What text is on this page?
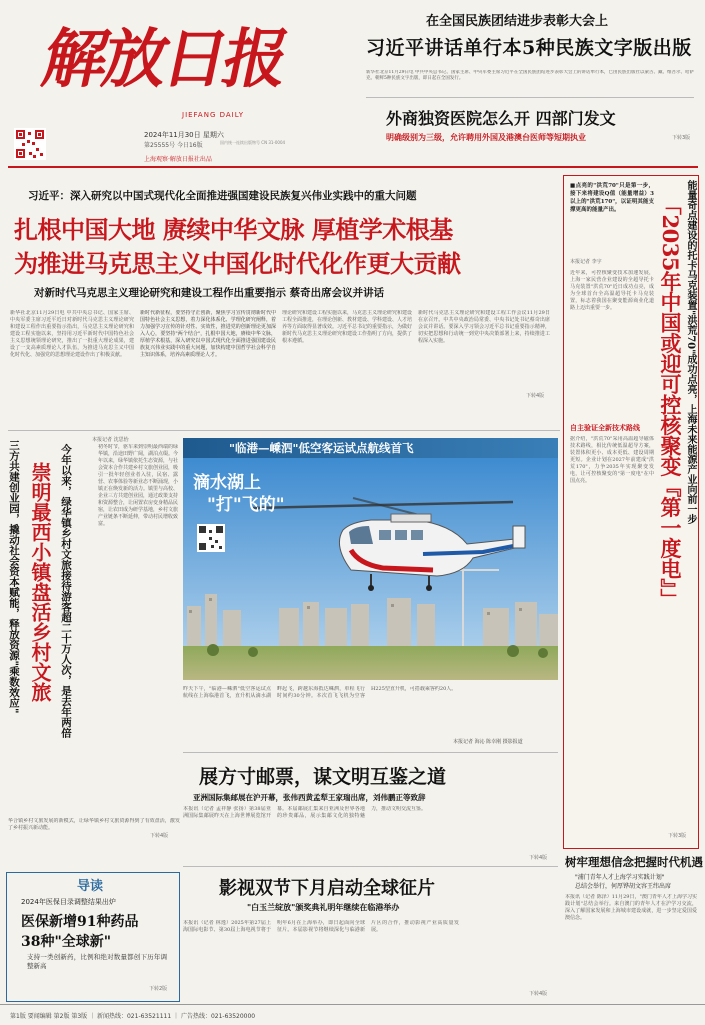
解放日报
JIEFANG DAILY
2024年11月30日 星期六
第25555号 今日16版
上海观察·解放日报社出品
国内统一连续出版物号 CN 31-0004
在全国民族团结进步表彰大会上
习近平讲话单行本5种民族文字版出版
新华社北京11月29日电 中共中央总书记、国家主席、中央军委主席习近平在全国民族团结进步表彰大会上的讲话单行本，已由民族出版社以蒙古、藏、维吾尔、哈萨克、朝鲜5种民族文字出版，即日起在全国发行。
外商独资医院怎么开 四部门发文
明确级别为三级，允许聘用外国及港澳台医师等短期执业	下转3版
习近平：深入研究以中国式现代化全面推进强国建设民族复兴伟业实践中的重大问题
扎根中国大地 赓续中华文脉 厚植学术根基
为推进马克思主义中国化时代化作更大贡献
对新时代马克思主义理论研究和建设工程作出重要指示 蔡奇出席会议并讲话
新华社北京11月29日电 中共中央总书记、国家主席、中央军委主席习近平近日对新时代马克思主义理论研究和建设工程作出重要指示指出，马克思主义理论研究和建设工程实施以来，坚持用习近平新时代中国特色社会主义思想统领理论研究，推出了一批重大理论成果，建设了一支高素质理论人才队伍，为推进马克思主义中国化时代化、加强党的思想理论建设作出了积极贡献。
新时代新征程，要坚持守正创新，聚焦学习宣传贯彻新时代中国特色社会主义思想，着力深化体系化、学理化研究阐释，着力加强学习宣传的针对性、实效性，推进党的创新理论更加深入人心，要坚持"两个结合"，扎根中国大地，赓续中华文脉，厚植学术根基，深入研究以中国式现代化全面推进强国建设民族复兴伟业实践中的重大问题，加快构建中国哲学社会科学自主知识体系，培养高素质理论人才。
理论研究和建设工程实施以来，马克思主义理论研究和建设工程全面推进，在理论创新、教材建设、学科建设、人才培养等方面取得显著成效。习近平总书记的重要指示，为做好新时代马克思主义理论研究和建设工作指明了方向，提供了根本遵循。
新时代马克思主义理论研究和建设工程工作会议11月29日在京召开。中共中央政治局常委、中央书记处书记蔡奇出席会议并讲话。要深入学习领会习近平总书记重要指示精神，切实把思想和行动统一到党中央决策部署上来，持续推进工程深入实施。
下转4版
本报记者 沈思怡
三方共建创业园，撬动社会资本赋能，释放资源"乘数效应" 崇明最西小镇盘活乡村文旅 今年以来，绿华镇乡村文旅接待游客超二十万人次，是去年两倍	初冬时节，驱车来到崇明最西端的绿华镇，沿途田野广阔，湖泊点缀。今年以来，绿华镇依托生态资源，与社会资本合作共建乡村文旅创业园，吸引一批年轻创业者入驻，民宿、露营、农事体验等新业态不断涌现，小镇正在焕发新的活力。镇里与高校、企业三方共建创业园，通过政策支持和资源整合，让闲置农房变身精品民宿，让农田成为研学基地，乡村文旅产业链条不断延伸，带动村民增收致富。
华合镇乡村文旅发展的新模式，让绿华镇乡村文旅资源得到了有效盘活，激发了乡村振兴新动能。
下转4版
"临港—嵊泗"低空客运试点航线首飞
滴水湖上
"打"飞的"
昨天下午，"临港—嵊泗"低空客运试点航线在上海临港首飞，直升机从滴水湖畔起飞，跨越东海抵达嵊泗，单程飞行时间约30分钟。本次首飞飞机为空客H225型直升机，可搭载乘客约20人。
本报记者 海沁 陈幸刚 摄影报道
展方寸邮票，谋文明互鉴之道
亚洲国际集邮展在沪开幕，张伟西黄孟犁王家瑞出席，刘伟鹏正等致辞
本报讯（记者 孟祥静 张扬）第38届亚洲国际集邮展昨天在上海世博展览馆开幕。本届邮展汇集来自亚洲及世界各地的珍贵邮品，展示集邮文化的独特魅力，推动文明交流互鉴。
下转4版
能量奇点建设的托卡马克装置"洪荒70"成功点亮，上海未来能源产业向前一步
「2035年中国或迎可控核聚变『第一度电』」
■点亮的"洪荒70"只是第一步，接下来将建设Q值（能量增益）3以上的"洪荒170"，以证明其能支撑更高的能量产出。
本报记者 李宇
近年来，可控核聚变技术加速发展，上海一家民营企业建设的全超导托卡马克装置"洪荒70"近日成功点亮，成为全球首台全高温超导托卡马克装置，标志着我国在聚变能源商业化道路上迈出重要一步。
自主验证全新技术路线
据介绍，"洪荒70"采用高温超导磁体技术路线，相比传统低温超导方案，装置体积更小、成本更低、建设周期更短。企业计划在2027年前建成"洪荒170"，力争2035年实现聚变发电，让可控核聚变的"第一度电"在中国点亮。
下转3版
导读
2024年医保目录调整结果出炉
医保新增91种药品
38种"全球新"
支持一类创新药，比例和绝对数量都创下历年调整新高
下转2版
影视双节下月启动全球征片
"白玉兰绽放"颁奖典礼明年继续在临港举办
本报讯（记者 林逸）2025年第27届上海国际电影节、第30届上海电视节将于明年6月在上海举办，即日起面向全球征片。本届影视节将继续深化与临港新片区的合作，推动影视产业高质量发展。
下转4版
树牢理想信念把握时代机遇
"浦门青年人才上海学习实践计划"
总结会举行，何厚铧胡文容王纬出席
本报讯（记者 陈泽）11月29日，"澳门青年人才上海学习实践计划"总结会举行。来自澳门的青年人才在沪学习交流，深入了解国家发展和上海城市建设成就，进一步坚定爱国爱澳信念。
第1版 要闻编辑 第2版 第3版 ｜ 新闻热线：021-63521111 ｜ 广告热线：021-63520000
